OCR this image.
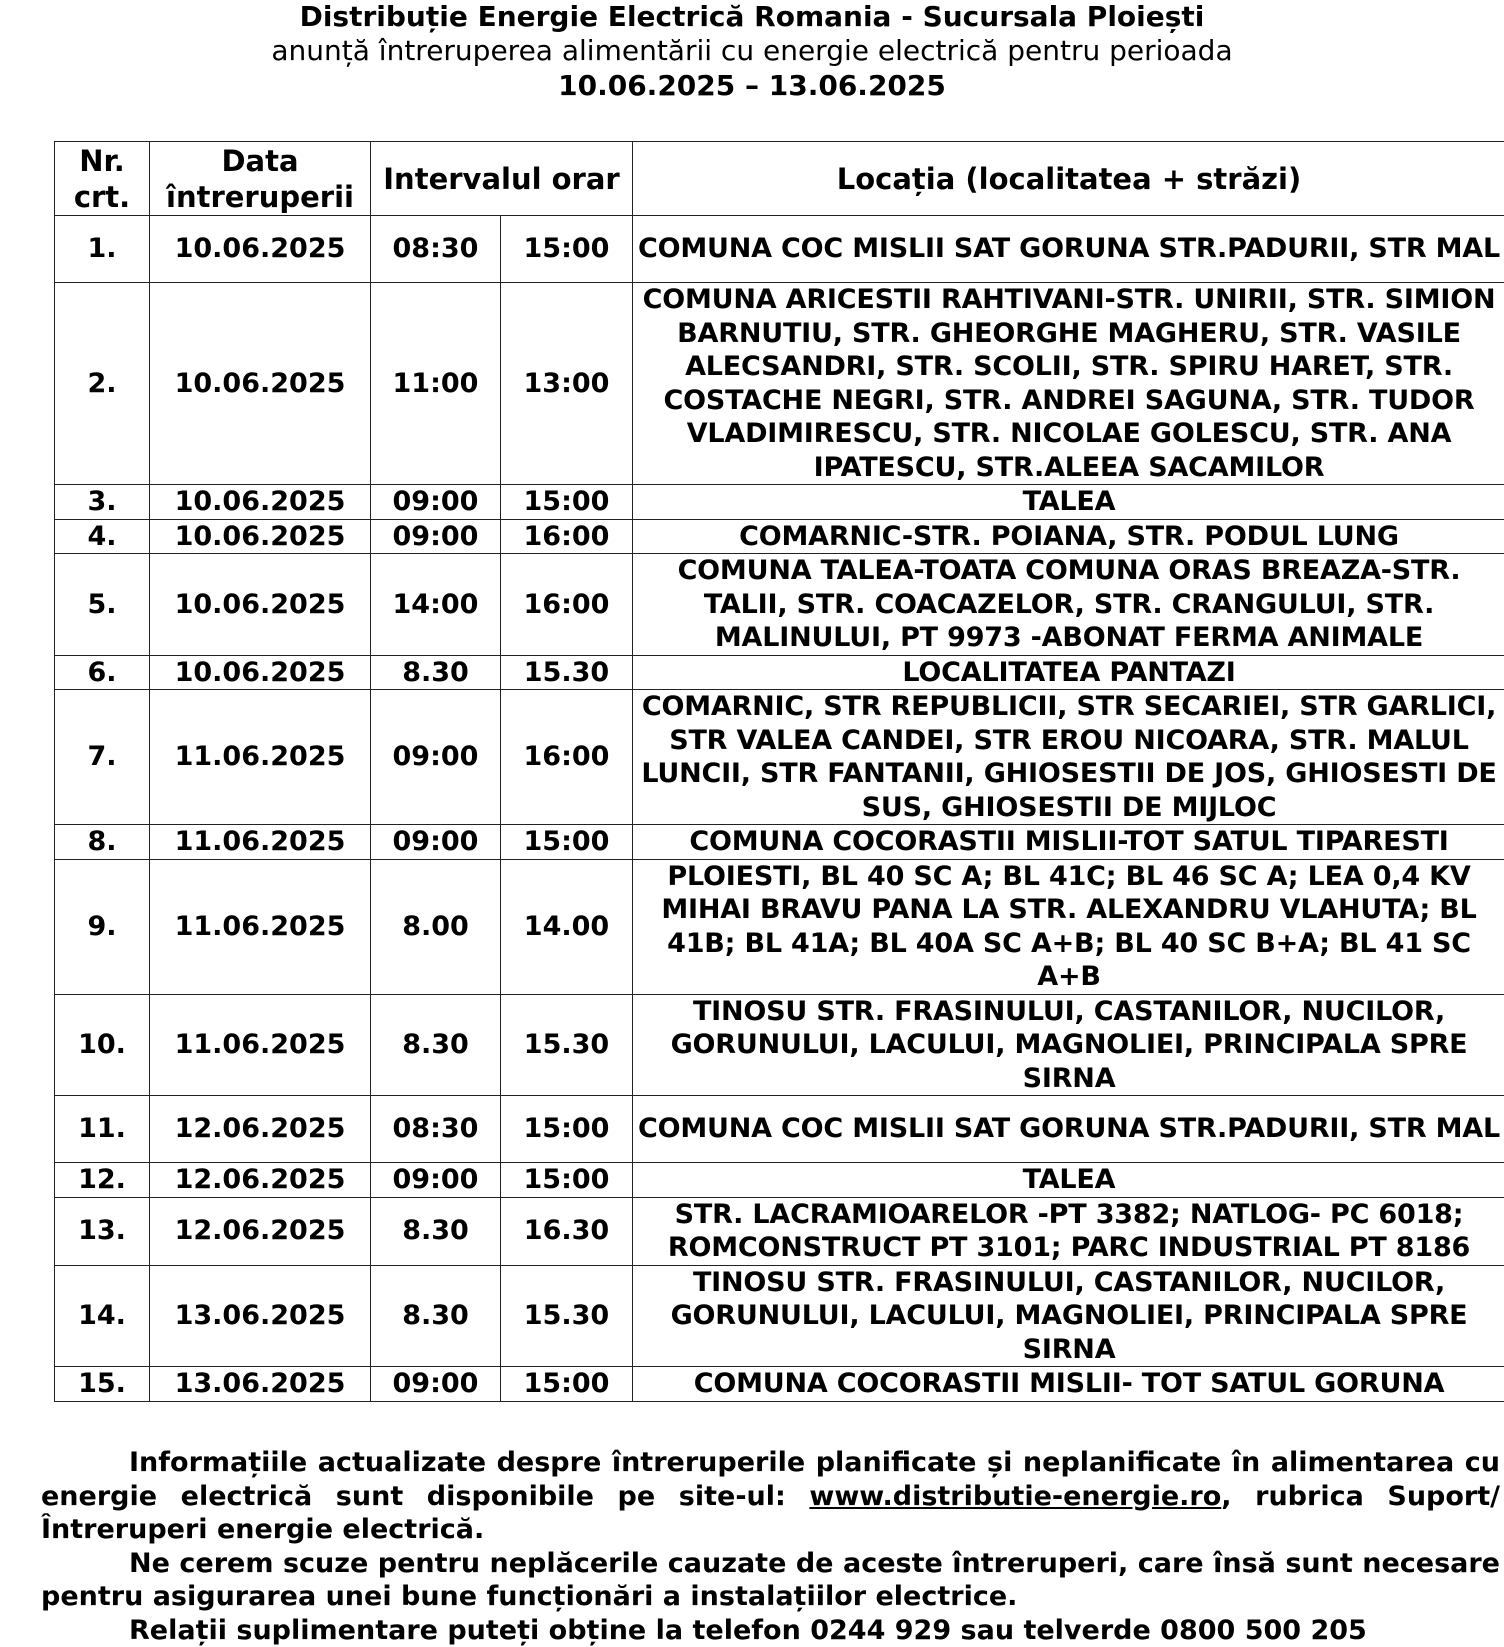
Distribuție Energie Electrică Romania - Sucursala Ploiești
anunță întreruperea alimentării cu energie electrică pentru perioada
10.06.2025 – 13.06.2025
Nr. crt.	Data întreruperii	Intervalul orar		Locația (localitatea + străzi)
1.	10.06.2025	08:30	15:00	COMUNA COC MISLII SAT GORUNA STR.PADURII, STR MAL
2.	10.06.2025	11:00	13:00	COMUNA ARICESTII RAHTIVANI-STR. UNIRII, STR. SIMION BARNUTIU, STR. GHEORGHE MAGHERU, STR. VASILE ALECSANDRI, STR. SCOLII, STR. SPIRU HARET, STR. COSTACHE NEGRI, STR. ANDREI SAGUNA, STR. TUDOR VLADIMIRESCU, STR. NICOLAE GOLESCU, STR. ANA IPATESCU, STR.ALEEA SACAMILOR
3.	10.06.2025	09:00	15:00	TALEA
4.	10.06.2025	09:00	16:00	COMARNIC-STR. POIANA, STR. PODUL LUNG
5.	10.06.2025	14:00	16:00	COMUNA TALEA-TOATA COMUNA ORAS BREAZA-STR. TALII, STR. COACAZELOR, STR. CRANGULUI, STR. MALINULUI, PT 9973 -ABONAT FERMA ANIMALE
6.	10.06.2025	8.30	15.30	LOCALITATEA PANTAZI
7.	11.06.2025	09:00	16:00	COMARNIC, STR REPUBLICII, STR SECARIEI, STR GARLICI, STR VALEA CANDEI, STR EROU NICOARA, STR. MALUL LUNCII, STR FANTANII, GHIOSESTII DE JOS, GHIOSESTI DE SUS, GHIOSESTII DE MIJLOC
8.	11.06.2025	09:00	15:00	COMUNA COCORASTII MISLII-TOT SATUL TIPARESTI
9.	11.06.2025	8.00	14.00	PLOIESTI, BL 40 SC A; BL 41C; BL 46 SC A; LEA 0,4 KV MIHAI BRAVU PANA LA STR. ALEXANDRU VLAHUTA; BL 41B; BL 41A; BL 40A SC A+B; BL 40 SC B+A; BL 41 SC A+B
10.	11.06.2025	8.30	15.30	TINOSU STR. FRASINULUI, CASTANILOR, NUCILOR, GORUNULUI, LACULUI, MAGNOLIEI, PRINCIPALA SPRE SIRNA
11.	12.06.2025	08:30	15:00	COMUNA COC MISLII SAT GORUNA STR.PADURII, STR MAL
12.	12.06.2025	09:00	15:00	TALEA
13.	12.06.2025	8.30	16.30	STR. LACRAMIOARELOR -PT 3382; NATLOG- PC 6018; ROMCONSTRUCT PT 3101; PARC INDUSTRIAL PT 8186
14.	13.06.2025	8.30	15.30	TINOSU STR. FRASINULUI, CASTANILOR, NUCILOR, GORUNULUI, LACULUI, MAGNOLIEI, PRINCIPALA SPRE SIRNA
15.	13.06.2025	09:00	15:00	COMUNA COCORASTII MISLII- TOT SATUL GORUNA

Informațiile actualizate despre întreruperile planificate și neplanificate în alimentarea cu energie electrică sunt disponibile pe site-ul: www.distributie-energie.ro, rubrica Suport/Întreruperi energie electrică.

Ne cerem scuze pentru neplăcerile cauzate de aceste întreruperi, care însă sunt necesare pentru asigurarea unei bune funcționări a instalațiilor electrice.

Relații suplimentare puteți obține la telefon 0244 929 sau telverde 0800 500 205
